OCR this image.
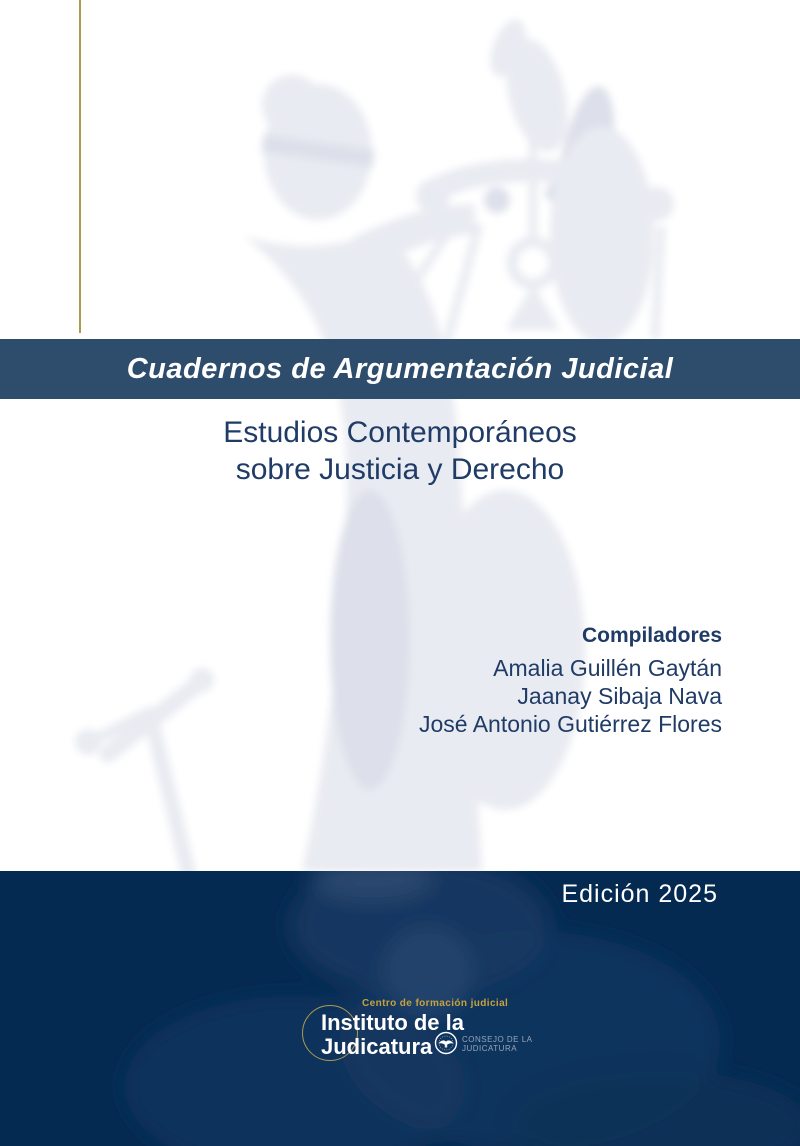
Cuadernos de Argumentación Judicial
Estudios Contemporáneos
sobre Justicia y Derecho
Compiladores
Amalia Guillén Gaytán
Jaanay Sibaja Nava
José Antonio Gutiérrez Flores
Edición 2025
Centro de formación judicial
Instituto de la
Judicatura	CONSEJO DE LA
JUDICATURA
